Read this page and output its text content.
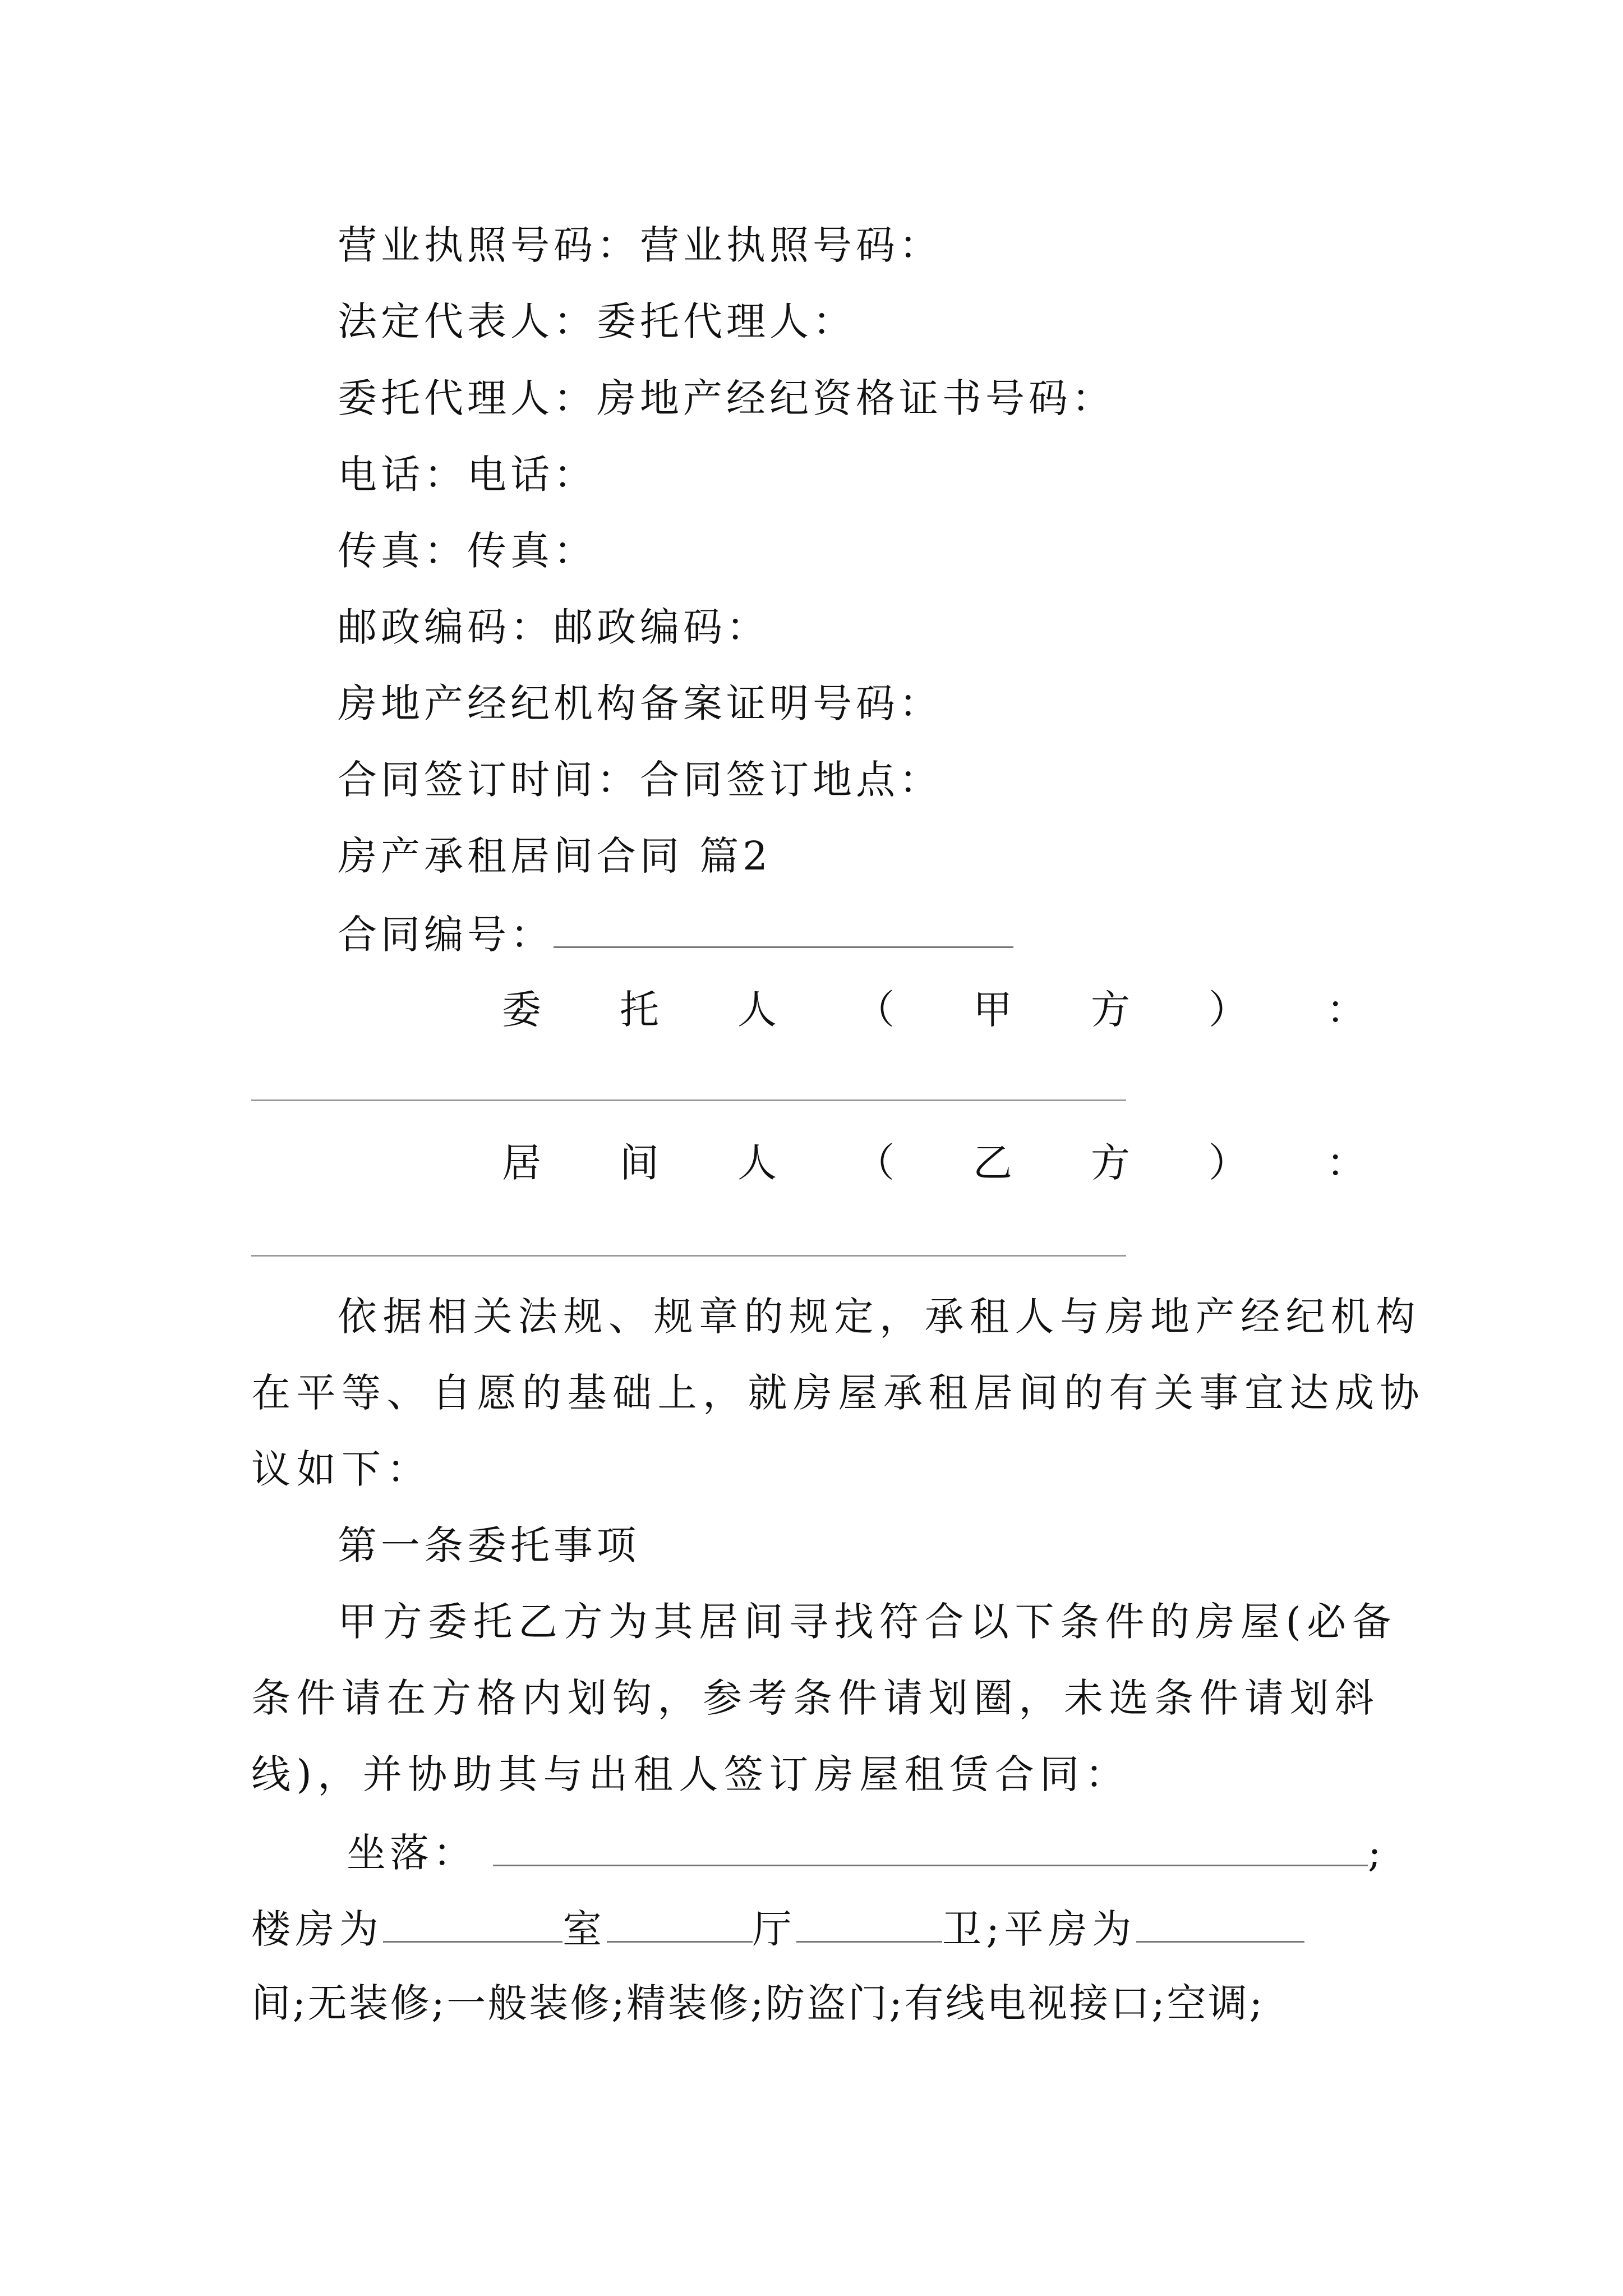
营业执照号码：营业执照号码：
法定代表人：委托代理人：
委托代理人：房地产经纪资格证书号码：
电话：电话：
传真：传真：
邮政编码：邮政编码：
房地产经纪机构备案证明号码：
合同签订时间：合同签订地点：
房产承租居间合同 篇2
合同编号：
委 托 人 （ 甲 方 ） ：
居 间 人 （ 乙 方 ） ：
依据相关法规、规章的规定，承租人与房地产经纪机构
在平等、自愿的基础上，就房屋承租居间的有关事宜达成协
议如下：
第一条委托事项
甲方委托乙方为其居间寻找符合以下条件的房屋(必备
条件请在方格内划钩，参考条件请划圈，未选条件请划斜
线)，并协助其与出租人签订房屋租赁合同：
坐落：	;
楼房为	室	厅	卫;平房为
间;无装修;一般装修;精装修;防盗门;有线电视接口;空调;
